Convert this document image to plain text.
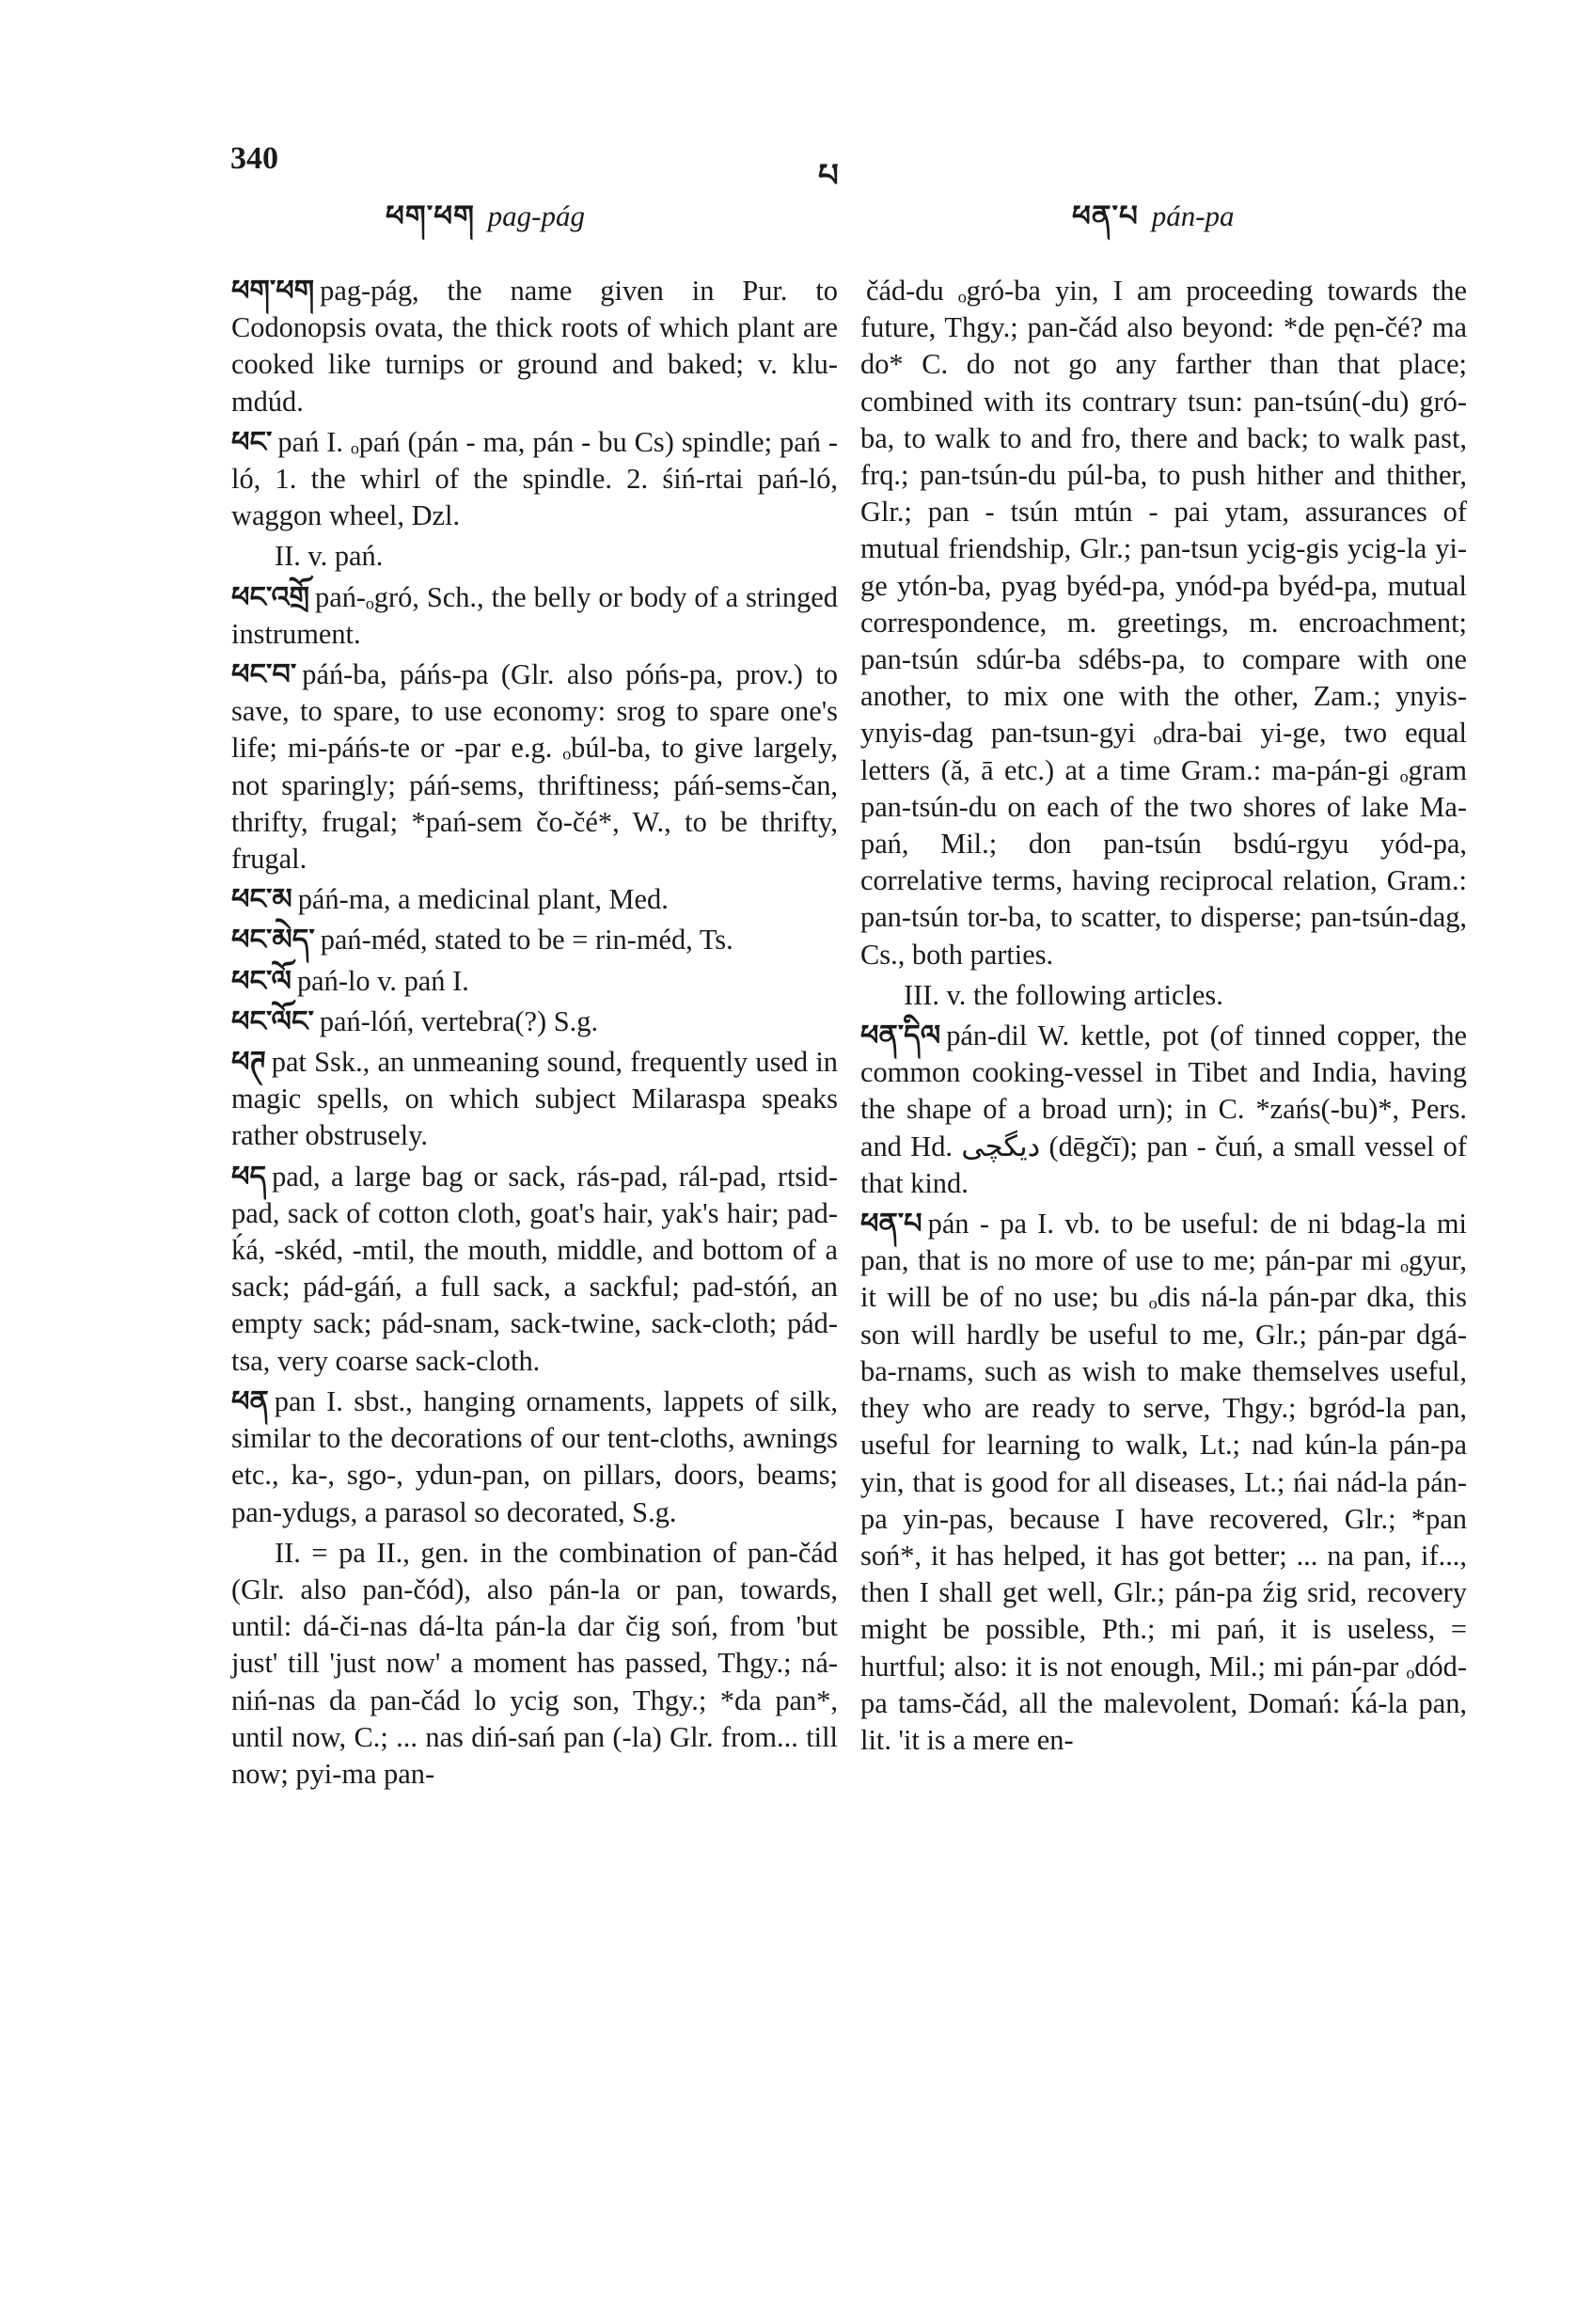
340
པ
ཕག་ཕག pag-pág	ཕན་པ pán-pa

ཕག་ཕག pag-pág, the name given in Pur. to Codonopsis ovata, the thick roots of which plant are cooked like turnips or ground and baked; v. klu-mdúd.

ཕང་ pań I. ₒpań (pán - ma, pán - bu Cs) spindle; pań - ló, 1. the whirl of the spindle. 2. śiń-rtai pań-ló, waggon wheel, Dzl.

II. v. pań.

ཕང་འགྲོ pań-ₒgró, Sch., the belly or body of a stringed instrument.

ཕང་བ་ páń-ba, páńs-pa (Glr. also póńs-pa, prov.) to save, to spare, to use economy: srog to spare one's life; mi-páńs-te or -par e.g. ₒbúl-ba, to give largely, not sparingly; páń-sems, thriftiness; páń-sems-čan, thrifty, frugal; *pań-sem čo-čé*, W., to be thrifty, frugal.

ཕང་མ páń-ma, a medicinal plant, Med.

ཕང་མེད་ pań-méd, stated to be = rin-méd, Ts.

ཕང་ལོ pań-lo v. pań I.

ཕང་ལོང་ pań-lóń, vertebra(?) S.g.

ཕཊ pat Ssk., an unmeaning sound, frequently used in magic spells, on which subject Milaraspa speaks rather obstrusely.

ཕད pad, a large bag or sack, rás-pad, rál-pad, rtsid-pad, sack of cotton cloth, goat's hair, yak's hair; pad-ḱá, -skéd, -mtil, the mouth, middle, and bottom of a sack; pád-gáń, a full sack, a sackful; pad-stóń, an empty sack; pád-snam, sack-twine, sack-cloth; pád-tsa, very coarse sack-cloth.

ཕན pan I. sbst., hanging ornaments, lappets of silk, similar to the decorations of our tent-cloths, awnings etc., ka-, sgo-, ydun-pan, on pillars, doors, beams; pan-ydugs, a parasol so decorated, S.g.

II. = pa II., gen. in the combination of pan-čád (Glr. also pan-čód), also pán-la or pan, towards, until: dá-či-nas dá-lta pán-la dar čig soń, from 'but just' till 'just now' a moment has passed, Thgy.; ná-niń-nas da pan-čád lo ycig son, Thgy.; *da pan*, until now, C.; ... nas diń-sań pan (-la) Glr. from... till now; pyi-ma pan-

čád-du ₒgró-ba yin, I am proceeding towards the future, Thgy.; pan-čád also beyond: *de pęn-čé? ma do* C. do not go any farther than that place; combined with its contrary tsun: pan-tsún(-du) gró-ba, to walk to and fro, there and back; to walk past, frq.; pan-tsún-du púl-ba, to push hither and thither, Glr.; pan - tsún mtún - pai ytam, assurances of mutual friendship, Glr.; pan-tsun ycig-gis ycig-la yi-ge ytón-ba, pyag byéd-pa, ynód-pa byéd-pa, mutual correspondence, m. greetings, m. encroachment; pan-tsún sdúr-ba sdébs-pa, to compare with one another, to mix one with the other, Zam.; ynyis-ynyis-dag pan-tsun-gyi ₒdra-bai yi-ge, two equal letters (ă, ā etc.) at a time Gram.: ma-pán-gi ₒgram pan-tsún-du on each of the two shores of lake Ma-pań, Mil.; don pan-tsún bsdú-rgyu yód-pa, correlative terms, having reciprocal relation, Gram.: pan-tsún tor-ba, to scatter, to disperse; pan-tsún-dag, Cs., both parties.

III. v. the following articles.

ཕན་དིལ pán-dil W. kettle, pot (of tinned copper, the common cooking-vessel in Tibet and India, having the shape of a broad urn); in C. *zańs(-bu)*, Pers. and Hd. دیگچی (dēgčī); pan - čuń, a small vessel of that kind.

ཕན་པ pán - pa I. vb. to be useful: de ni bdag-la mi pan, that is no more of use to me; pán-par mi ₒgyur, it will be of no use; bu ₒdis ná-la pán-par dka, this son will hardly be useful to me, Glr.; pán-par dgá-ba-rnams, such as wish to make themselves useful, they who are ready to serve, Thgy.; bgród-la pan, useful for learning to walk, Lt.; nad kún-la pán-pa yin, that is good for all diseases, Lt.; ńai nád-la pán-pa yin-pas, because I have recovered, Glr.; *pan soń*, it has helped, it has got better; ... na pan, if..., then I shall get well, Glr.; pán-pa źig srid, recovery might be possible, Pth.; mi pań, it is useless, = hurtful; also: it is not enough, Mil.; mi pán-par ₒdód-pa tams-čád, all the malevolent, Domań: ḱá-la pan, lit. 'it is a mere en-
